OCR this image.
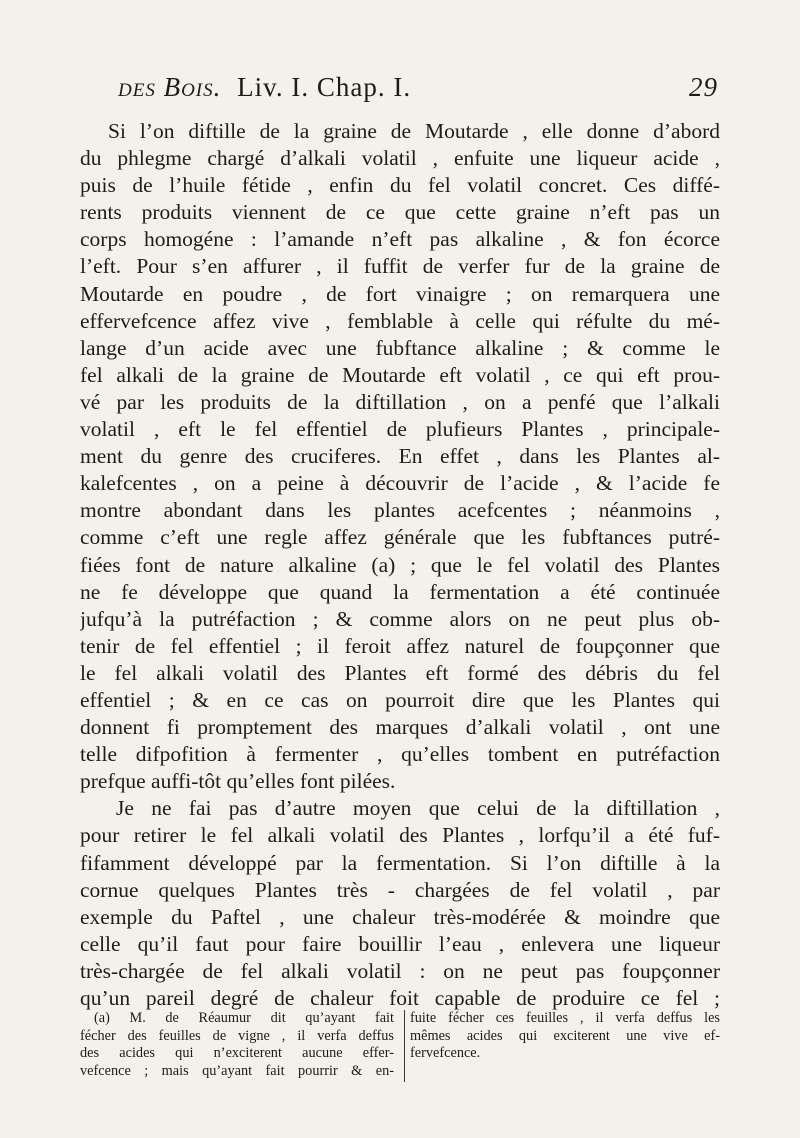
des Bois. Liv. I. Chap. I.	29
Si l’on diftille de la graine de Moutarde , elle donne d’abord
du phlegme chargé d’alkali volatil , enfuite une liqueur acide ,
puis de l’huile fétide , enfin du fel volatil concret. Ces diffé-
rents produits viennent de ce que cette graine n’eft pas un
corps homogéne : l’amande n’eft pas alkaline , & fon écorce
l’eft. Pour s’en affurer , il fuffit de verfer fur de la graine de
Moutarde en poudre , de fort vinaigre ; on remarquera une
effervefcence affez vive , femblable à celle qui réfulte du mé-
lange d’un acide avec une fubftance alkaline ; & comme le
fel alkali de la graine de Moutarde eft volatil , ce qui eft prou-
vé par les produits de la diftillation , on a penfé que l’alkali
volatil , eft le fel effentiel de plufieurs Plantes , principale-
ment du genre des cruciferes. En effet , dans les Plantes al-
kalefcentes , on a peine à découvrir de l’acide , & l’acide fe
montre abondant dans les plantes acefcentes ; néanmoins ,
comme c’eft une regle affez générale que les fubftances putré-
fiées font de nature alkaline (a) ; que le fel volatil des Plantes
ne fe développe que quand la fermentation a été continuée
jufqu’à la putréfaction ; & comme alors on ne peut plus ob-
tenir de fel effentiel ; il feroit affez naturel de foupçonner que
le fel alkali volatil des Plantes eft formé des débris du fel
effentiel ; & en ce cas on pourroit dire que les Plantes qui
donnent fi promptement des marques d’alkali volatil , ont une
telle difpofition à fermenter , qu’elles tombent en putréfaction
prefque auffi-tôt qu’elles font pilées.
Je ne fai pas d’autre moyen que celui de la diftillation ,
pour retirer le fel alkali volatil des Plantes , lorfqu’il a été fuf-
fifamment développé par la fermentation. Si l’on diftille à la
cornue quelques Plantes très - chargées de fel volatil , par
exemple du Paftel , une chaleur très-modérée & moindre que
celle qu’il faut pour faire bouillir l’eau , enlevera une liqueur
très-chargée de fel alkali volatil : on ne peut pas foupçonner
qu’un pareil degré de chaleur foit capable de produire ce fel ;
(a) M. de Réaumur dit qu’ayant fait
fécher des feuilles de vigne , il verfa deffus
des acides qui n’exciterent aucune effer-
vefcence ; mais qu’ayant fait pourrir & en-
fuite fécher ces feuilles , il verfa deffus les
mêmes acides qui exciterent une vive ef-
fervefcence.
